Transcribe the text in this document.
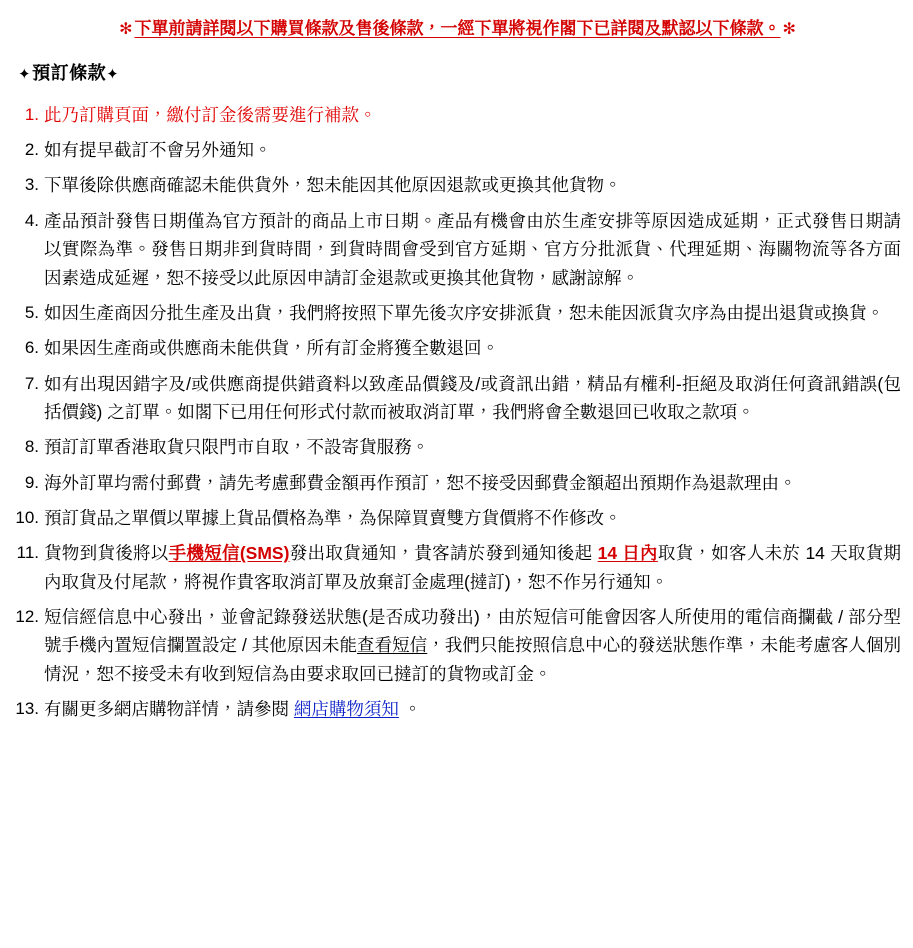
✻ 下單前請詳閱以下購買條款及售後條款，一經下單將視作閣下已詳閱及默認以下條款。 ✻
✦預訂條款✦
1. 此乃訂購頁面，繳付訂金後需要進行補款。
2. 如有提早截訂不會另外通知。
3. 下單後除供應商確認未能供貨外，恕未能因其他原因退款或更換其他貨物。
4. 產品預計發售日期僅為官方預計的商品上市日期。產品有機會由於生產安排等原因造成延期，正式發售日期請以實際為準。發售日期非到貨時間，到貨時間會受到官方延期、官方分批派貨、代理延期、海關物流等各方面因素造成延遲，恕不接受以此原因申請訂金退款或更換其他貨物，感謝諒解。
5. 如因生產商因分批生產及出貨，我們將按照下單先後次序安排派貨，恕未能因派貨次序為由提出退貨或換貨。
6. 如果因生產商或供應商未能供貨，所有訂金將獲全數退回。
7. 如有出現因錯字及/或供應商提供錯資料以致產品價錢及/或資訊出錯，精品有權利-拒絕及取消任何資訊錯誤(包括價錢) 之訂單。如閣下已用任何形式付款而被取消訂單，我們將會全數退回已收取之款項。
8. 預訂訂單香港取貨只限門市自取，不設寄貨服務。
9. 海外訂單均需付郵費，請先考慮郵費金額再作預訂，恕不接受因郵費金額超出預期作為退款理由。
10. 預訂貨品之單價以單據上貨品價格為準，為保障買賣雙方貨價將不作修改。
11. 貨物到貨後將以手機短信(SMS)發出取貨通知，貴客請於發到通知後起 14 日內取貨，如客人未於 14 天取貨期內取貨及付尾款，將視作貴客取消訂單及放棄訂金處理(撻訂)，恕不作另行通知。
12. 短信經信息中心發出，並會記錄發送狀態(是否成功發出)，由於短信可能會因客人所使用的電信商攔截 / 部分型號手機內置短信攔置設定 / 其他原因未能查看短信，我們只能按照信息中心的發送狀態作準，未能考慮客人個別情況，恕不接受未有收到短信為由要求取回已撻訂的貨物或訂金。
13. 有關更多網店購物詳情，請參閱 網店購物須知 。
